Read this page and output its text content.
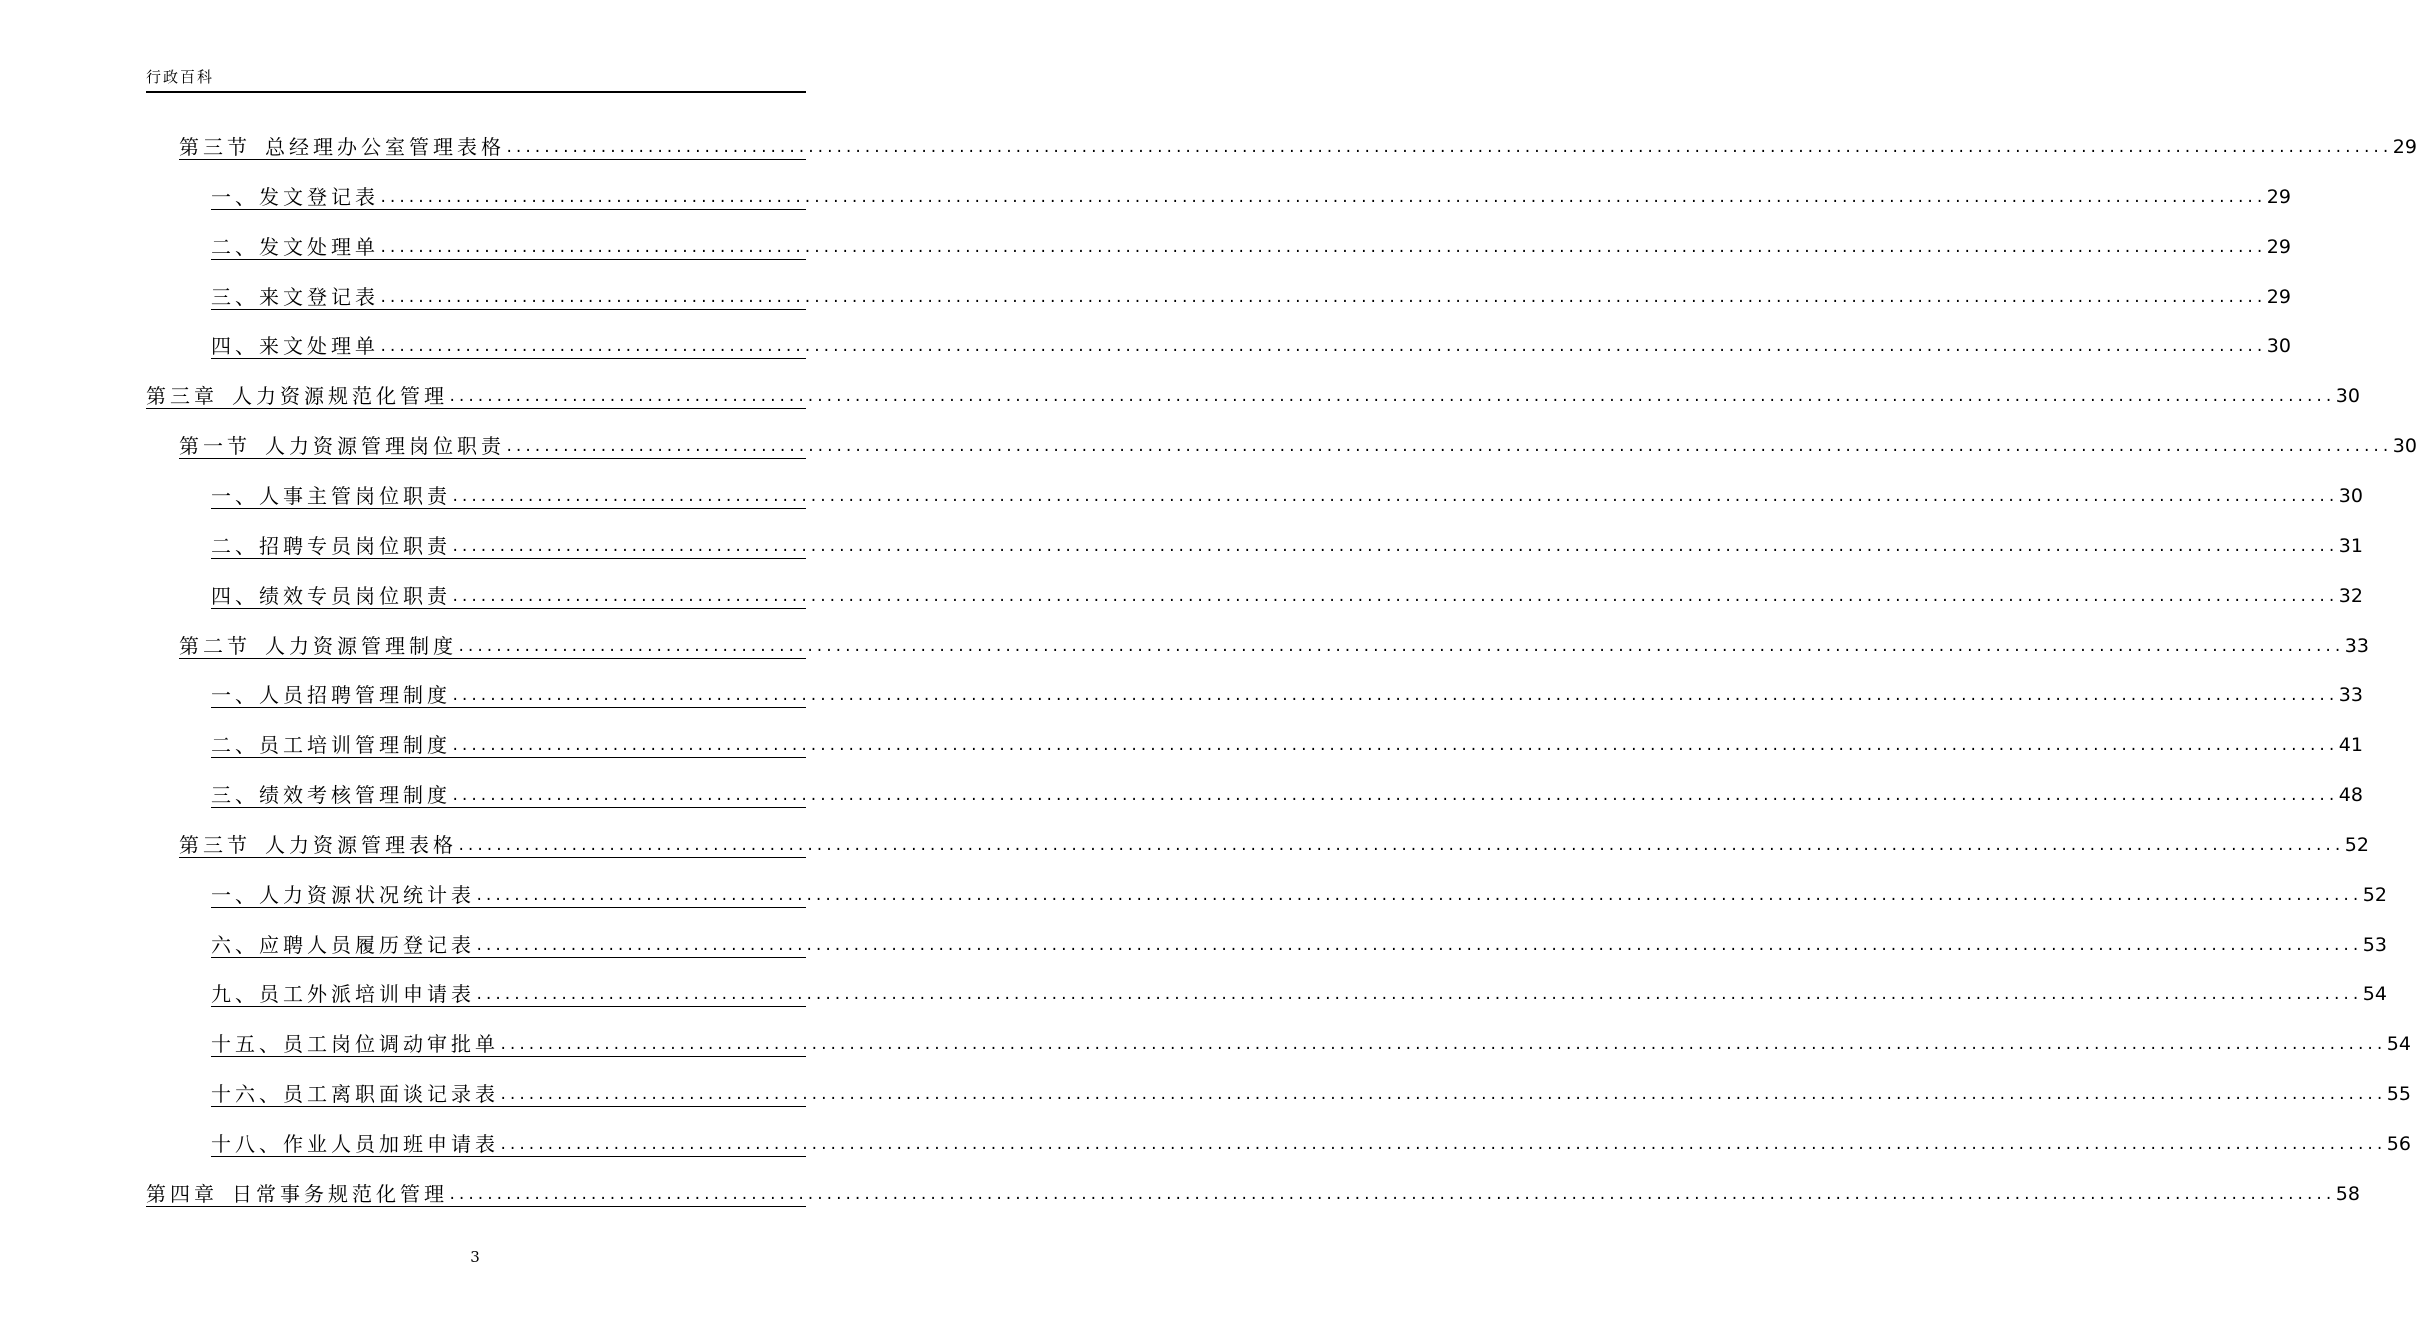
行政百科
第三节 总经理办公室管理表格 ........................................................................................................................................................................................................ 29
一、发文登记表 ........................................................................................................................................................................................................ 29
二、发文处理单 ........................................................................................................................................................................................................ 29
三、来文登记表 ........................................................................................................................................................................................................ 29
四、来文处理单 ........................................................................................................................................................................................................ 30
第三章 人力资源规范化管理 ........................................................................................................................................................................................................ 30
第一节 人力资源管理岗位职责 ........................................................................................................................................................................................................ 30
一、人事主管岗位职责 ........................................................................................................................................................................................................ 30
二、招聘专员岗位职责 ........................................................................................................................................................................................................ 31
四、绩效专员岗位职责 ........................................................................................................................................................................................................ 32
第二节 人力资源管理制度 ........................................................................................................................................................................................................ 33
一、人员招聘管理制度 ........................................................................................................................................................................................................ 33
二、员工培训管理制度 ........................................................................................................................................................................................................ 41
三、绩效考核管理制度 ........................................................................................................................................................................................................ 48
第三节 人力资源管理表格 ........................................................................................................................................................................................................ 52
一、人力资源状况统计表 ........................................................................................................................................................................................................ 52
六、应聘人员履历登记表 ........................................................................................................................................................................................................ 53
九、员工外派培训申请表 ........................................................................................................................................................................................................ 54
十五、员工岗位调动审批单 ........................................................................................................................................................................................................ 54
十六、员工离职面谈记录表 ........................................................................................................................................................................................................ 55
十八、作业人员加班申请表 ........................................................................................................................................................................................................ 56
第四章 日常事务规范化管理 ........................................................................................................................................................................................................ 58
3
